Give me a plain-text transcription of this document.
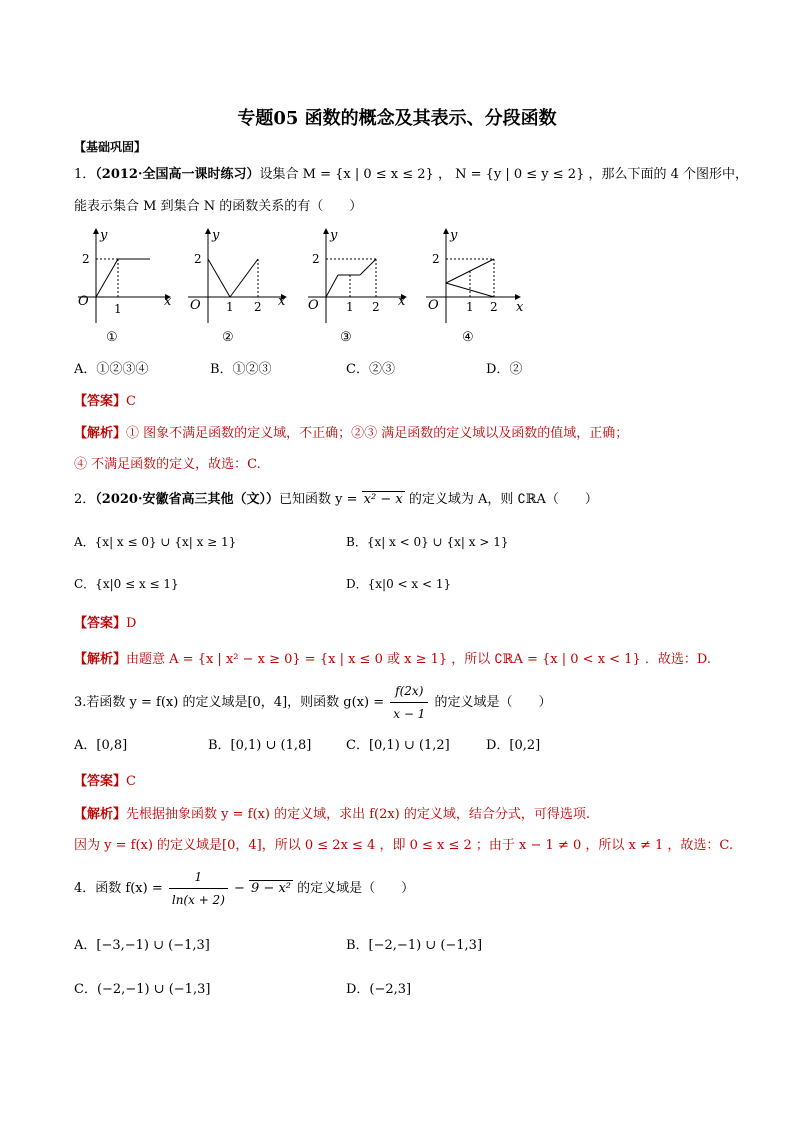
专题05 函数的概念及其表示、分段函数
【基础巩固】
1．（2012·全国高一课时练习）设集合 M = {x | 0 ≤ x ≤ 2} ， N = {y | 0 ≤ y ≤ 2} ，那么下面的 4 个图形中，
能表示集合 M 到集合 N 的函数关系的有（　　）
y
x
O
2
1
①
y
x
O
2
1 2
②
y
x
O
2
1 2
③
y
x
O
2
1 2
④
A．①②③④	B．①②③	C．②③	D．②
【答案】C
【解析】① 图象不满足函数的定义域，不正确；②③ 满足函数的定义域以及函数的值域，正确；
④ 不满足函数的定义，故选：C.
2．（2020·安徽省高三其他（文））已知函数 y = x² − x 的定义域为 A，则 ∁ℝA（　　）
A．{x| x ≤ 0} ∪ {x| x ≥ 1}	B．{x| x < 0} ∪ {x| x > 1}
C．{x|0 ≤ x ≤ 1}	D．{x|0 < x < 1}
【答案】D
【解析】由题意 A = {x | x² − x ≥ 0} = {x | x ≤ 0 或 x ≥ 1} ，所以 ∁ℝA = {x | 0 < x < 1} ．故选：D.
3.若函数 y = f(x) 的定义域是[0，4]，则函数 $g(x) = \frac{f(2x)}{x - 1}$ 的定义域是（　　）
A．[0,8]	B．[0,1) ∪ (1,8]	C．[0,1) ∪ (1,2]	D．[0,2]
【答案】C
【解析】先根据抽象函数 y = f(x) 的定义域，求出 f(2x) 的定义域，结合分式，可得选项.
因为 y = f(x) 的定义域是[0，4]，所以 0 ≤ 2x ≤ 4 ，即 0 ≤ x ≤ 2 ；由于 x − 1 ≠ 0 ，所以 x ≠ 1 ，故选：C.
4．函数 $f(x) = \frac{1}{\ln(x + 2)} - 9 - x^2$ 的定义域是（　　）
A．[−3,−1) ∪ (−1,3]	B．[−2,−1) ∪ (−1,3]
C．(−2,−1) ∪ (−1,3]	D．(−2,3]
